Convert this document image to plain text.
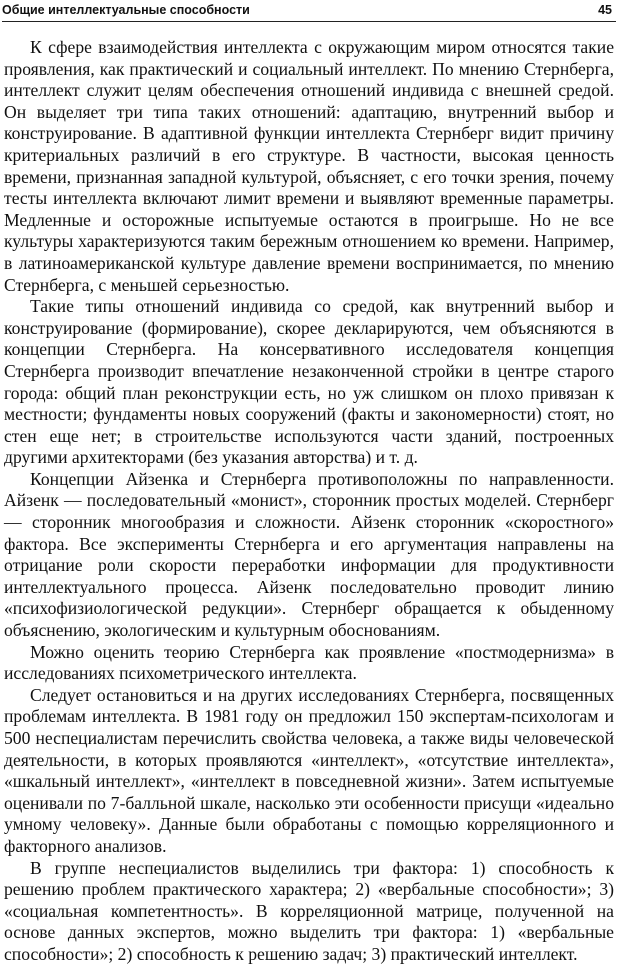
Общие интеллектуальные способности	45

К сфере взаимодействия интеллекта с окружающим миром относятся такие проявления, как практический и социальный интеллект. По мнению Стернберга, интеллект служит целям обеспечения отношений индивида с внешней средой. Он выделяет три типа таких отношений: адаптацию, внутренний выбор и конструирование. В адаптивной функции интеллекта Стернберг видит причину критериальных различий в его структуре. В частности, высокая ценность времени, признанная западной культурой, объясняет, с его точки зрения, почему тесты интеллекта включают лимит времени и выявляют временные параметры. Медленные и осторожные испытуемые остаются в проигрыше. Но не все культуры характеризуются таким бережным отношением ко времени. Например, в латиноамериканской культуре давление времени воспринимается, по мнению Стернберга, с меньшей серьезностью.

Такие типы отношений индивида со средой, как внутренний выбор и конструирование (формирование), скорее декларируются, чем объясняются в концепции Стернберга. На консервативного исследователя концепция Стернберга производит впечатление незаконченной стройки в центре старого города: общий план реконструкции есть, но уж слишком он плохо привязан к местности; фундаменты новых сооружений (факты и закономерности) стоят, но стен еще нет; в строительстве используются части зданий, построенных другими архитекторами (без указания авторства) и т. д.

Концепции Айзенка и Стернберга противоположны по направленности. Айзенк — последовательный «монист», сторонник простых моделей. Стернберг — сторонник многообразия и сложности. Айзенк сторонник «скоростного» фактора. Все эксперименты Стернберга и его аргументация направлены на отрицание роли скорости переработки информации для продуктивности интеллектуального процесса. Айзенк последовательно проводит линию «психофизиологической редукции». Стернберг обращается к обыденному объяснению, экологическим и культурным обоснованиям.

Можно оценить теорию Стернберга как проявление «постмодернизма» в исследованиях психометрического интеллекта.

Следует остановиться и на других исследованиях Стернберга, посвященных проблемам интеллекта. В 1981 году он предложил 150 экспертам-психологам и 500 неспециалистам перечислить свойства человека, а также виды человеческой деятельности, в которых проявляются «интеллект», «отсутствие интеллекта», «шкальный интеллект», «интеллект в повседневной жизни». Затем испытуемые оценивали по 7-балльной шкале, насколько эти особенности присущи «идеально умному человеку». Данные были обработаны с помощью корреляционного и факторного анализов.

В группе неспециалистов выделились три фактора: 1) способность к решению проблем практического характера; 2) «вербальные способности»; 3) «социальная компетентность». В корреляционной матрице, полученной на основе данных экспертов, можно выделить три фактора: 1) «вербальные способности»; 2) способность к решению задач; 3) практический интеллект.
